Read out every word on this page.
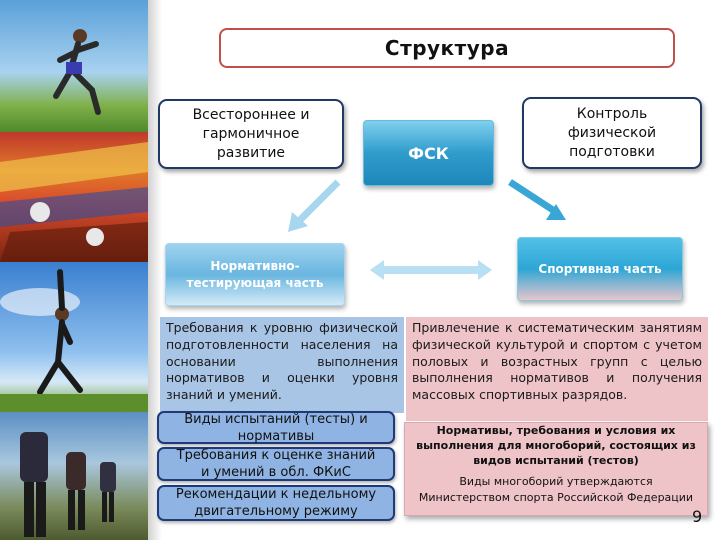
Структура
Всестороннее и
гармоничное
развитие
Контроль
физической
подготовки
ФСК
Нормативно-
тестирующая часть
Спортивная часть
Требования к уровню физической подготовленности населения на основании выполнения нормативов и оценки уровня знаний и умений.
Привлечение к систематическим занятиям физической культурой и спортом с учетом половых и возрастных групп с целью выполнения нормативов и получения массовых спортивных разрядов.
Виды испытаний (тесты) и
нормативы
Требования к оценке знаний
и умений в обл. ФКиС
Рекомендации к недельному
двигательному режиму
Нормативы, требования и условия их
выполнения для многоборий, состоящих из
видов испытаний (тестов)
Виды многоборий утверждаются
Министерством спорта Российской Федерации
9
